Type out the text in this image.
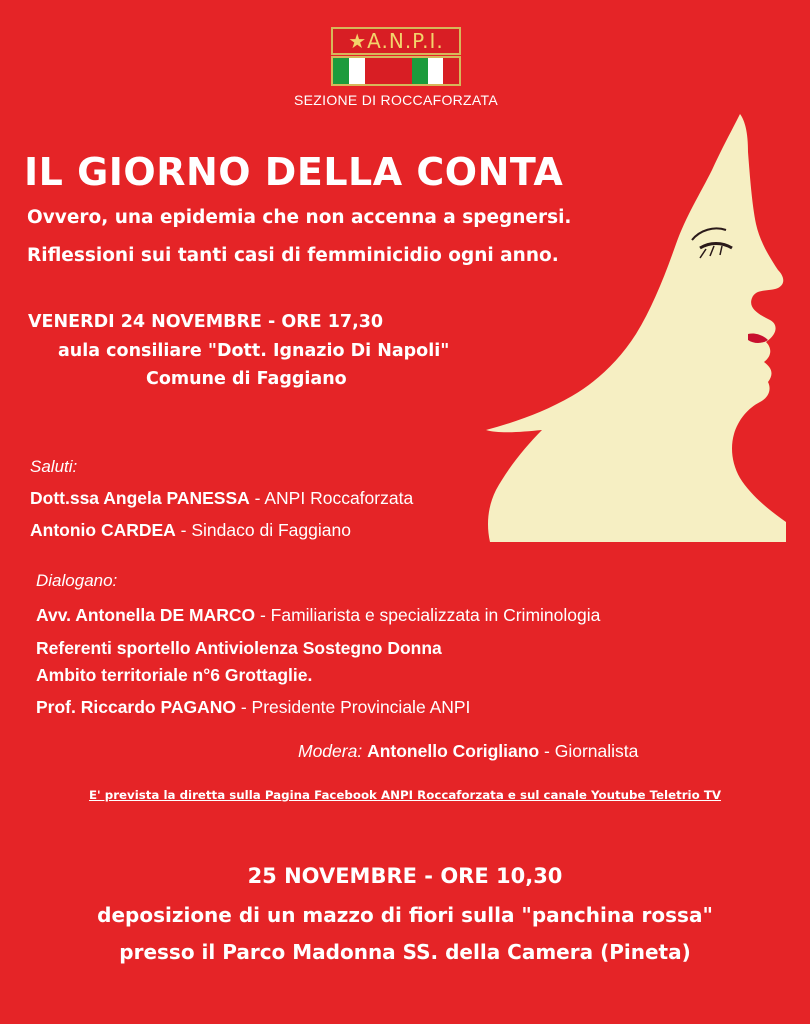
★A.N.P.I.
SEZIONE DI ROCCAFORZATA
IL GIORNO DELLA CONTA
Ovvero, una epidemia che non accenna a spegnersi.
Riflessioni sui tanti casi di femminicidio ogni anno.
VENERDI 24 NOVEMBRE - ORE 17,30
aula consiliare "Dott. Ignazio Di Napoli"
Comune di Faggiano
Saluti:
Dott.ssa Angela PANESSA - ANPI Roccaforzata
Antonio CARDEA - Sindaco di Faggiano
Dialogano:
Avv. Antonella DE MARCO - Familiarista e specializzata in Criminologia
Referenti sportello Antiviolenza Sostegno Donna
Ambito territoriale n°6 Grottaglie.
Prof. Riccardo PAGANO - Presidente Provinciale ANPI
Modera: Antonello Corigliano - Giornalista
E' prevista la diretta sulla Pagina Facebook ANPI Roccaforzata e sul canale Youtube Teletrio TV
25 NOVEMBRE - ORE 10,30
deposizione di un mazzo di fiori sulla "panchina rossa"
presso il Parco Madonna SS. della Camera (Pineta)
